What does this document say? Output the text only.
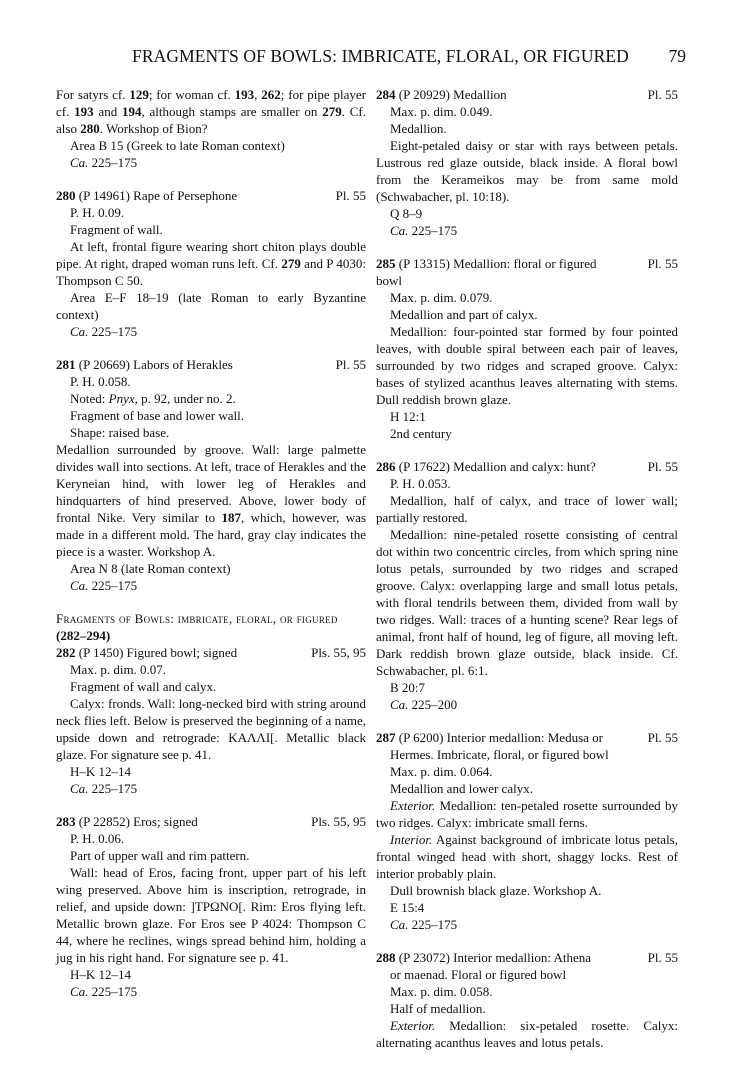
FRAGMENTS OF BOWLS: IMBRICATE, FLORAL, OR FIGURED 79

For satyrs cf. 129; for woman cf. 193, 262; for pipe player cf. 193 and 194, although stamps are smaller on 279. Cf. also 280. Workshop of Bion?

Area B 15 (Greek to late Roman context)

Ca. 225–175

280 (P 14961) Rape of Persephone	Pl. 55

P. H. 0.09.

Fragment of wall.

At left, frontal figure wearing short chiton plays double pipe. At right, draped woman runs left. Cf. 279 and P 4030: Thompson C 50.

Area E–F 18–19 (late Roman to early Byzantine context)

Ca. 225–175

281 (P 20669) Labors of Herakles	Pl. 55

P. H. 0.058.

Noted: Pnyx, p. 92, under no. 2.

Fragment of base and lower wall.

Shape: raised base.

Medallion surrounded by groove. Wall: large palmette divides wall into sections. At left, trace of Herakles and the Keryneian hind, with lower leg of Herakles and hindquarters of hind preserved. Above, lower body of frontal Nike. Very similar to 187, which, however, was made in a different mold. The hard, gray clay indicates the piece is a waster. Workshop A.

Area N 8 (late Roman context)

Ca. 225–175

Fragments of Bowls: imbricate, floral, or figured

(282–294)

282 (P 1450) Figured bowl; signed	Pls. 55, 95

Max. p. dim. 0.07.

Fragment of wall and calyx.

Calyx: fronds. Wall: long-necked bird with string around neck flies left. Below is preserved the beginning of a name, upside down and retrograde: ΚΑΛΛΙ[. Metallic black glaze. For signature see p. 41.

H–K 12–14

Ca. 225–175

283 (P 22852) Eros; signed	Pls. 55, 95

P. H. 0.06.

Part of upper wall and rim pattern.

Wall: head of Eros, facing front, upper part of his left wing preserved. Above him is inscription, retrograde, in relief, and upside down: ]ΤΡΩΝΟ[. Rim: Eros flying left. Metallic brown glaze. For Eros see P 4024: Thompson C 44, where he reclines, wings spread behind him, holding a jug in his right hand. For signature see p. 41.

H–K 12–14

Ca. 225–175

284 (P 20929) Medallion	Pl. 55

Max. p. dim. 0.049.

Medallion.

Eight-petaled daisy or star with rays between petals. Lustrous red glaze outside, black inside. A floral bowl from the Kerameikos may be from same mold (Schwabacher, pl. 10:18).

Q 8–9

Ca. 225–175

285 (P 13315) Medallion: floral or figured bowl
Pl. 55

Max. p. dim. 0.079.

Medallion and part of calyx.

Medallion: four-pointed star formed by four pointed leaves, with double spiral between each pair of leaves, surrounded by two ridges and scraped groove. Calyx: bases of stylized acanthus leaves alternating with stems. Dull reddish brown glaze.

H 12:1

2nd century

286 (P 17622) Medallion and calyx: hunt?	Pl. 55

P. H. 0.053.

Medallion, half of calyx, and trace of lower wall; partially restored.

Medallion: nine-petaled rosette consisting of central dot within two concentric circles, from which spring nine lotus petals, surrounded by two ridges and scraped groove. Calyx: overlapping large and small lotus petals, with floral tendrils between them, divided from wall by two ridges. Wall: traces of a hunting scene? Rear legs of animal, front half of hound, leg of figure, all moving left. Dark reddish brown glaze outside, black inside. Cf. Schwabacher, pl. 6:1.

B 20:7

Ca. 225–200

287 (P 6200) Interior medallion: Medusa or	Pl. 55

Hermes. Imbricate, floral, or figured bowl

Max. p. dim. 0.064.

Medallion and lower calyx.

Exterior. Medallion: ten-petaled rosette surrounded by two ridges. Calyx: imbricate small ferns.

Interior. Against background of imbricate lotus petals, frontal winged head with short, shaggy locks. Rest of interior probably plain.

Dull brownish black glaze. Workshop A.

E 15:4

Ca. 225–175

288 (P 23072) Interior medallion: Athena	Pl. 55

or maenad. Floral or figured bowl

Max. p. dim. 0.058.

Half of medallion.

Exterior. Medallion: six-petaled rosette. Calyx: alternating acanthus leaves and lotus petals.
